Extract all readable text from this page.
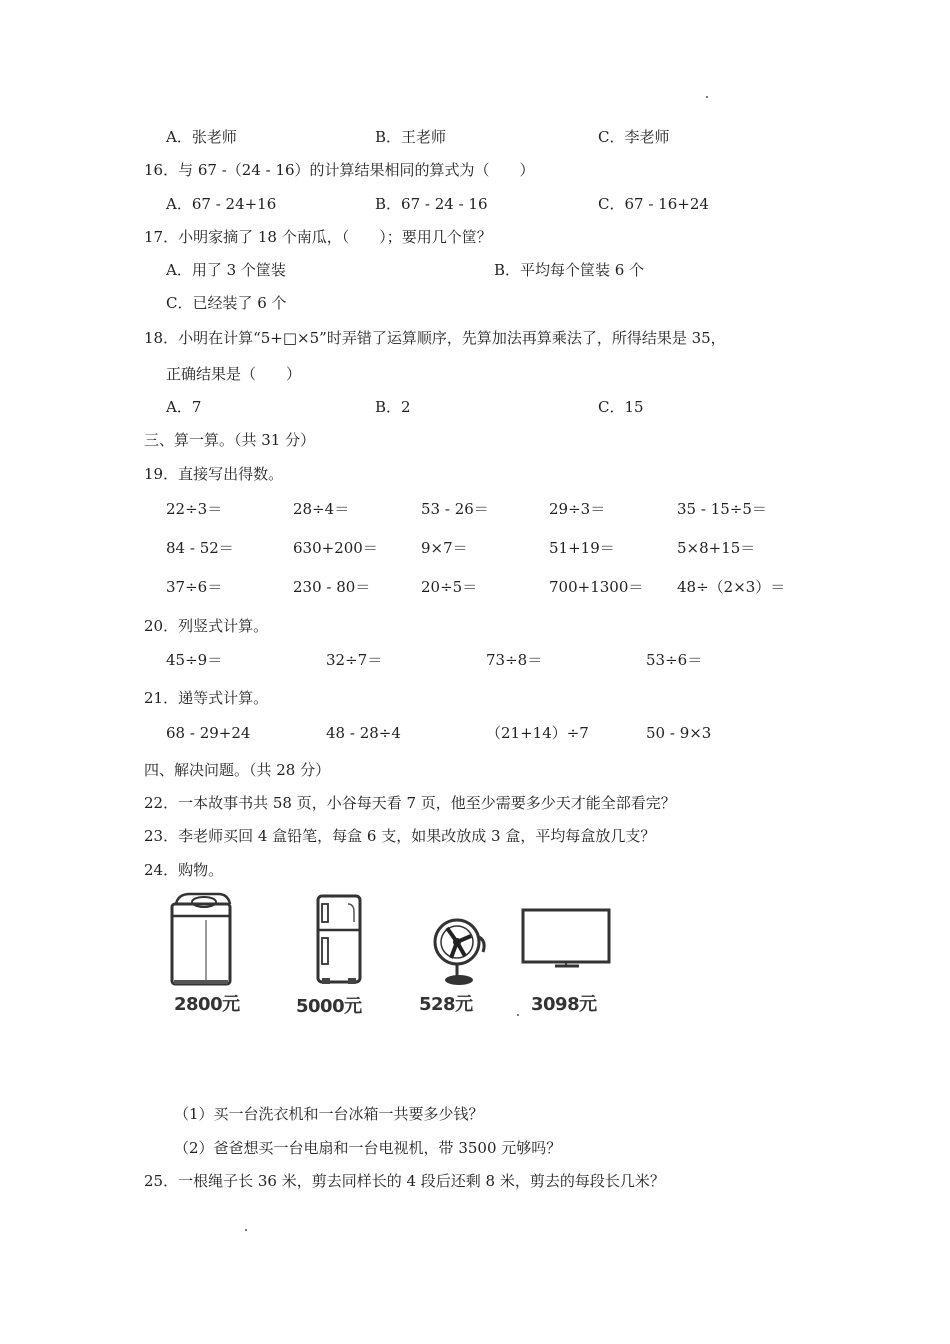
A．张老师	B．王老师	C．李老师
16．与 67 -（24 - 16）的计算结果相同的算式为（　　）
A．67 - 24+16	B．67 - 24 - 16	C．67 - 16+24
17．小明家摘了 18 个南瓜，（　　）；要用几个筐？
A．用了 3 个筐装	B．平均每个筐装 6 个
C．已经装了 6 个
18．小明在计算“5+□×5”时弄错了运算顺序，先算加法再算乘法了，所得结果是 35，
正确结果是（　　）
A．7	B．2	C．15
三、算一算。（共 31 分）
19．直接写出得数。
22÷3＝	28÷4＝	53 - 26＝	29÷3＝	35 - 15÷5＝
84 - 52＝	630+200＝	9×7＝	51+19＝	5×8+15＝
37÷6＝	230 - 80＝	20÷5＝	700+1300＝ 48÷（2×3）＝
20．列竖式计算。
45÷9＝	32÷7＝	73÷8＝	53÷6＝
21．递等式计算。
68 - 29+24	48 - 28÷4	（21+14）÷7	50 - 9×3
四、解决问题。（共 28 分）
22．一本故事书共 58 页，小谷每天看 7 页，他至少需要多少天才能全部看完？
23．李老师买回 4 盒铅笔，每盒 6 支，如果改放成 3 盒，平均每盒放几支？
24．购物。
2800元	5000元	528元	3098元
（1）买一台洗衣机和一台冰箱一共要多少钱？
（2）爸爸想买一台电扇和一台电视机，带 3500 元够吗？
25．一根绳子长 36 米，剪去同样长的 4 段后还剩 8 米，剪去的每段长几米？
